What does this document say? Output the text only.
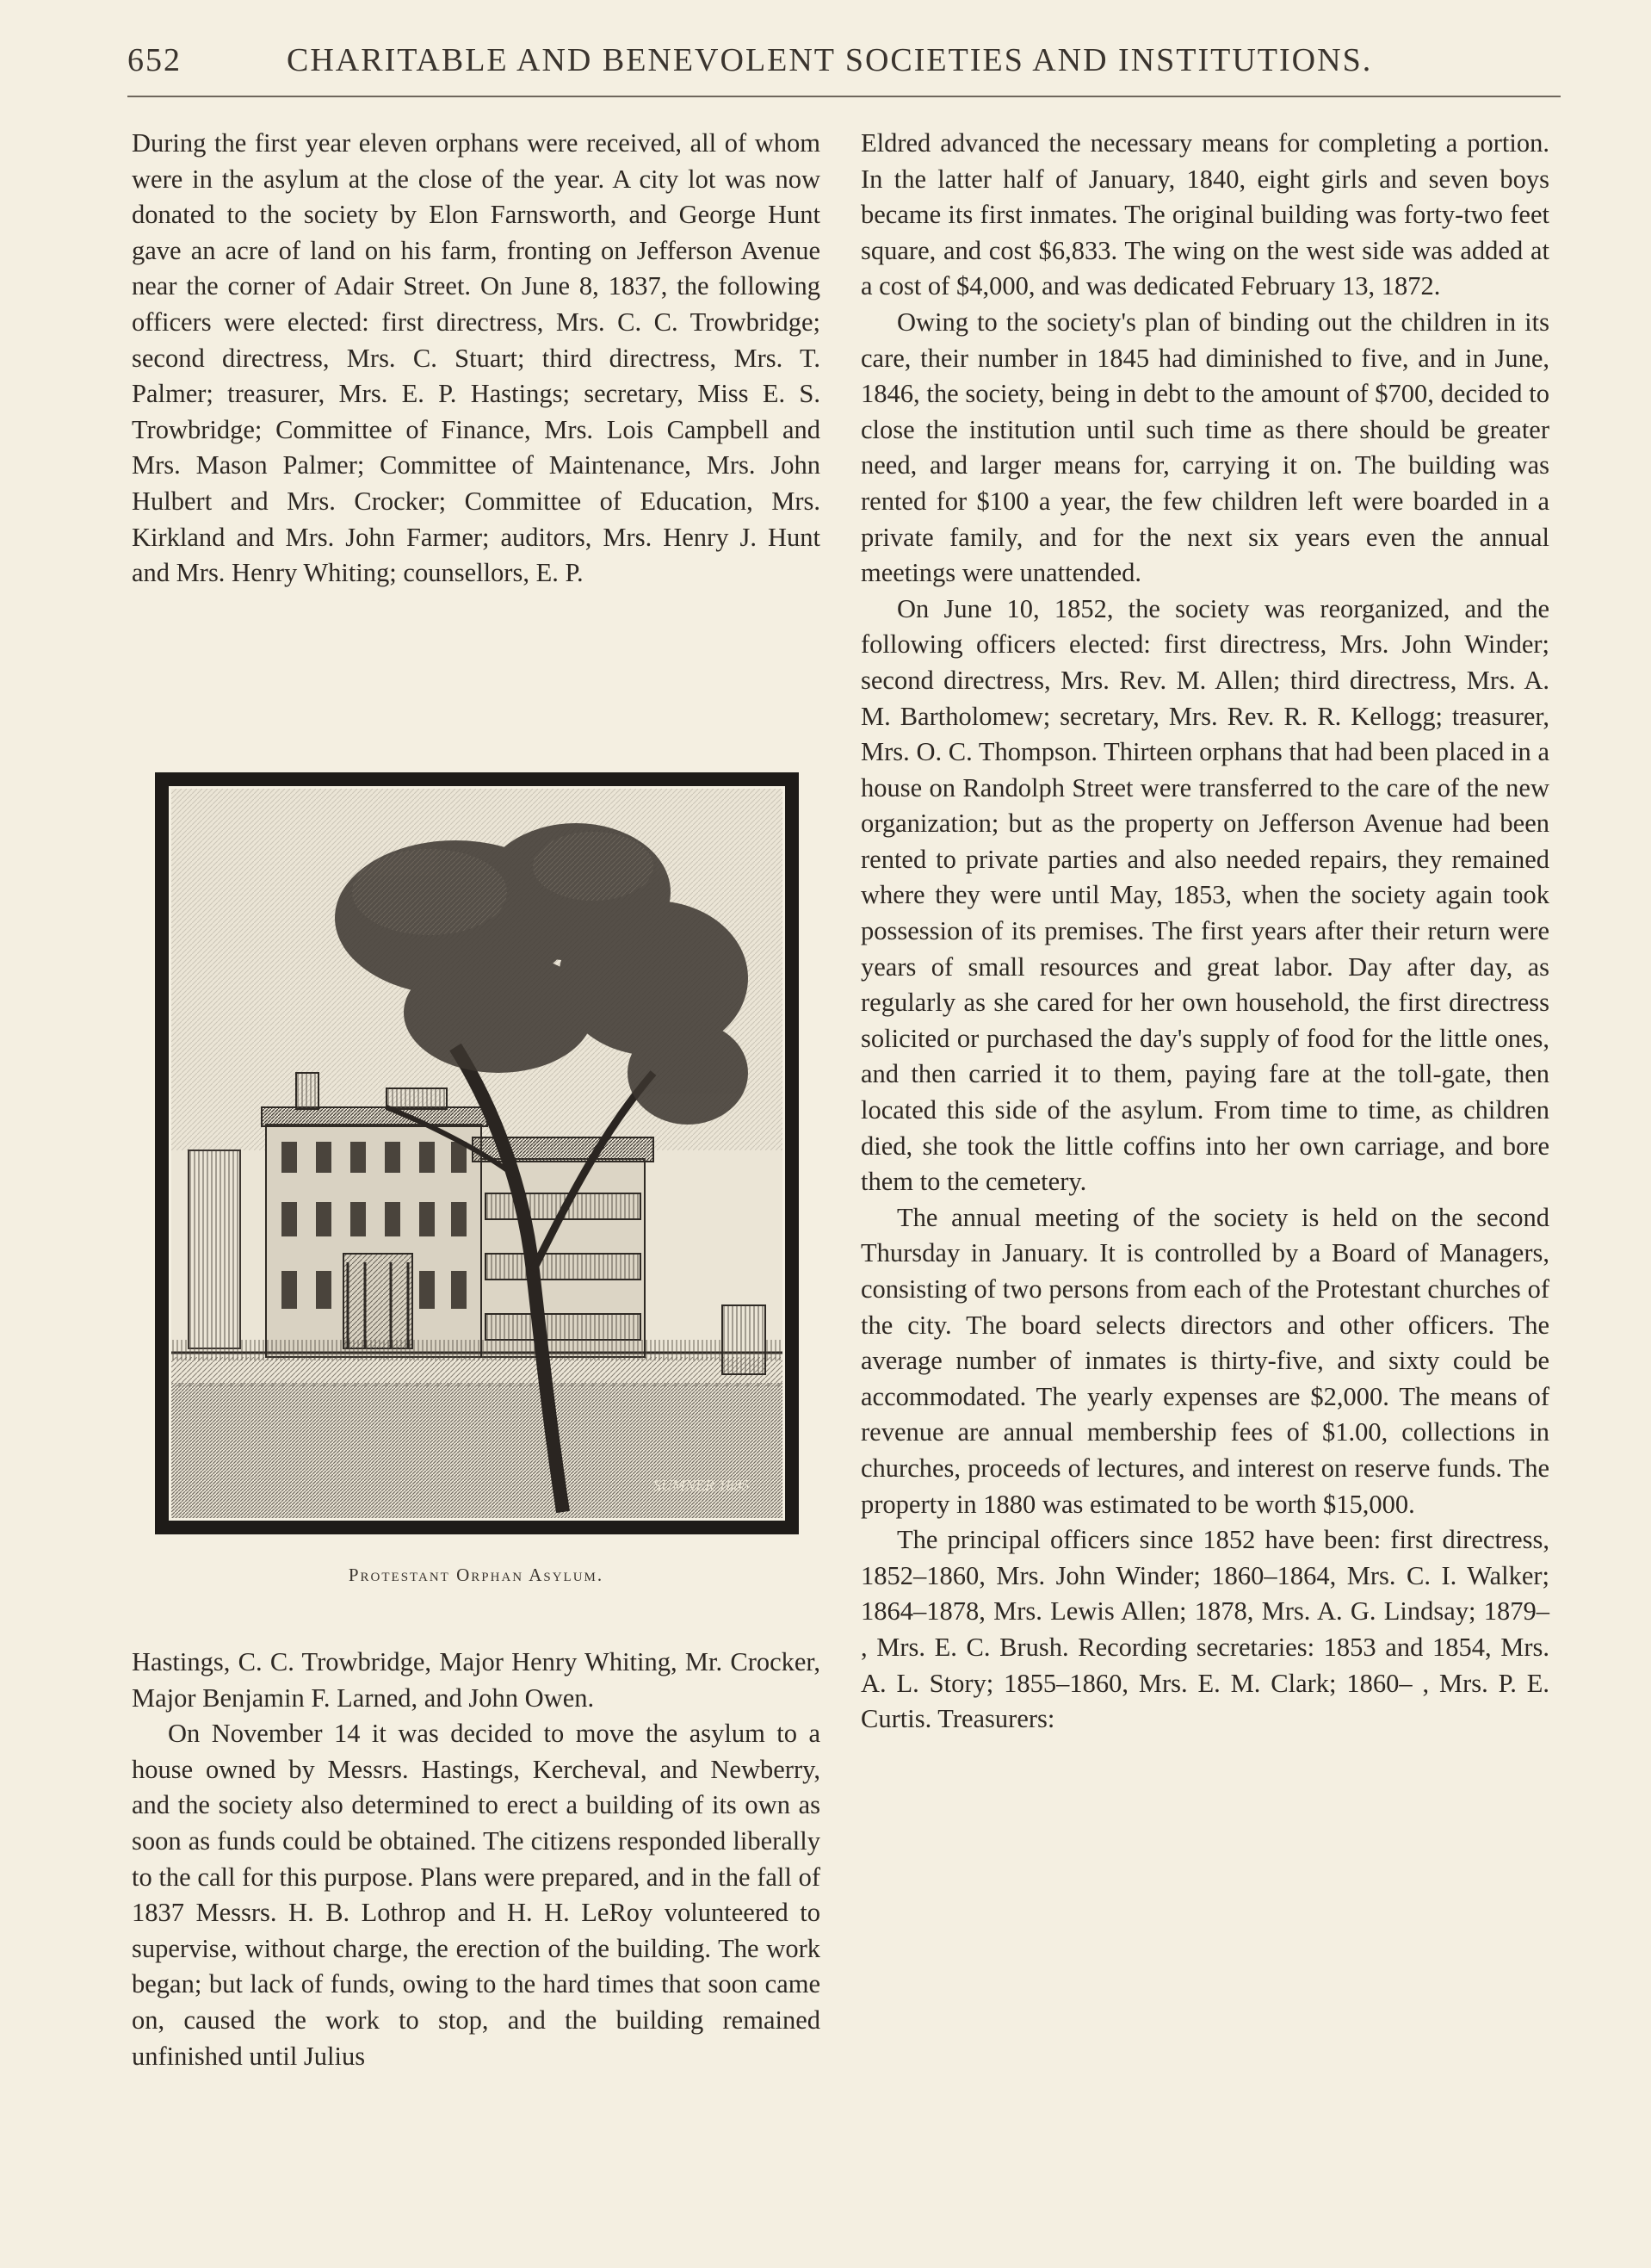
652	CHARITABLE AND BENEVOLENT SOCIETIES AND INSTITUTIONS.

During the first year eleven orphans were received, all of whom were in the asylum at the close of the year. A city lot was now donated to the society by Elon Farnsworth, and George Hunt gave an acre of land on his farm, fronting on Jefferson Avenue near the corner of Adair Street. On June 8, 1837, the following officers were elected: first directress, Mrs. C. C. Trowbridge; second directress, Mrs. C. Stuart; third directress, Mrs. T. Palmer; treasurer, Mrs. E. P. Hastings; secretary, Miss E. S. Trowbridge; Committee of Finance, Mrs. Lois Campbell and Mrs. Mason Palmer; Committee of Maintenance, Mrs. John Hulbert and Mrs. Crocker; Committee of Education, Mrs. Kirkland and Mrs. John Farmer; auditors, Mrs. Henry J. Hunt and Mrs. Henry Whiting; counsellors, E. P.

SUMNER 1885
Protestant Orphan Asylum.

Hastings, C. C. Trowbridge, Major Henry Whiting, Mr. Crocker, Major Benjamin F. Larned, and John Owen.

On November 14 it was decided to move the asylum to a house owned by Messrs. Hastings, Kercheval, and Newberry, and the society also determined to erect a building of its own as soon as funds could be obtained. The citizens responded liberally to the call for this purpose. Plans were prepared, and in the fall of 1837 Messrs. H. B. Lothrop and H. H. LeRoy volunteered to supervise, without charge, the erection of the building. The work began; but lack of funds, owing to the hard times that soon came on, caused the work to stop, and the building remained unfinished until Julius

Eldred advanced the necessary means for completing a portion. In the latter half of January, 1840, eight girls and seven boys became its first inmates. The original building was forty-two feet square, and cost $6,833. The wing on the west side was added at a cost of $4,000, and was dedicated February 13, 1872.

Owing to the society's plan of binding out the children in its care, their number in 1845 had diminished to five, and in June, 1846, the society, being in debt to the amount of $700, decided to close the institution until such time as there should be greater need, and larger means for, carrying it on. The building was rented for $100 a year, the few children left were boarded in a private family, and for the next six years even the annual meetings were unattended.

On June 10, 1852, the society was reorganized, and the following officers elected: first directress, Mrs. John Winder; second directress, Mrs. Rev. M. Allen; third directress, Mrs. A. M. Bartholomew; secretary, Mrs. Rev. R. R. Kellogg; treasurer, Mrs. O. C. Thompson. Thirteen orphans that had been placed in a house on Randolph Street were transferred to the care of the new organization; but as the property on Jefferson Avenue had been rented to private parties and also needed repairs, they remained where they were until May, 1853, when the society again took possession of its premises. The first years after their return were years of small resources and great labor. Day after day, as regularly as she cared for her own household, the first directress solicited or purchased the day's supply of food for the little ones, and then carried it to them, paying fare at the toll-gate, then located this side of the asylum. From time to time, as children died, she took the little coffins into her own carriage, and bore them to the cemetery.

The annual meeting of the society is held on the second Thursday in January. It is controlled by a Board of Managers, consisting of two persons from each of the Protestant churches of the city. The board selects directors and other officers. The average number of inmates is thirty-five, and sixty could be accommodated. The yearly expenses are $2,000. The means of revenue are annual membership fees of $1.00, collections in churches, proceeds of lectures, and interest on reserve funds. The property in 1880 was estimated to be worth $15,000.

The principal officers since 1852 have been: first directress, 1852–1860, Mrs. John Winder; 1860–1864, Mrs. C. I. Walker; 1864–1878, Mrs. Lewis Allen; 1878, Mrs. A. G. Lindsay; 1879– , Mrs. E. C. Brush. Recording secretaries: 1853 and 1854, Mrs. A. L. Story; 1855–1860, Mrs. E. M. Clark; 1860– , Mrs. P. E. Curtis. Treasurers:
